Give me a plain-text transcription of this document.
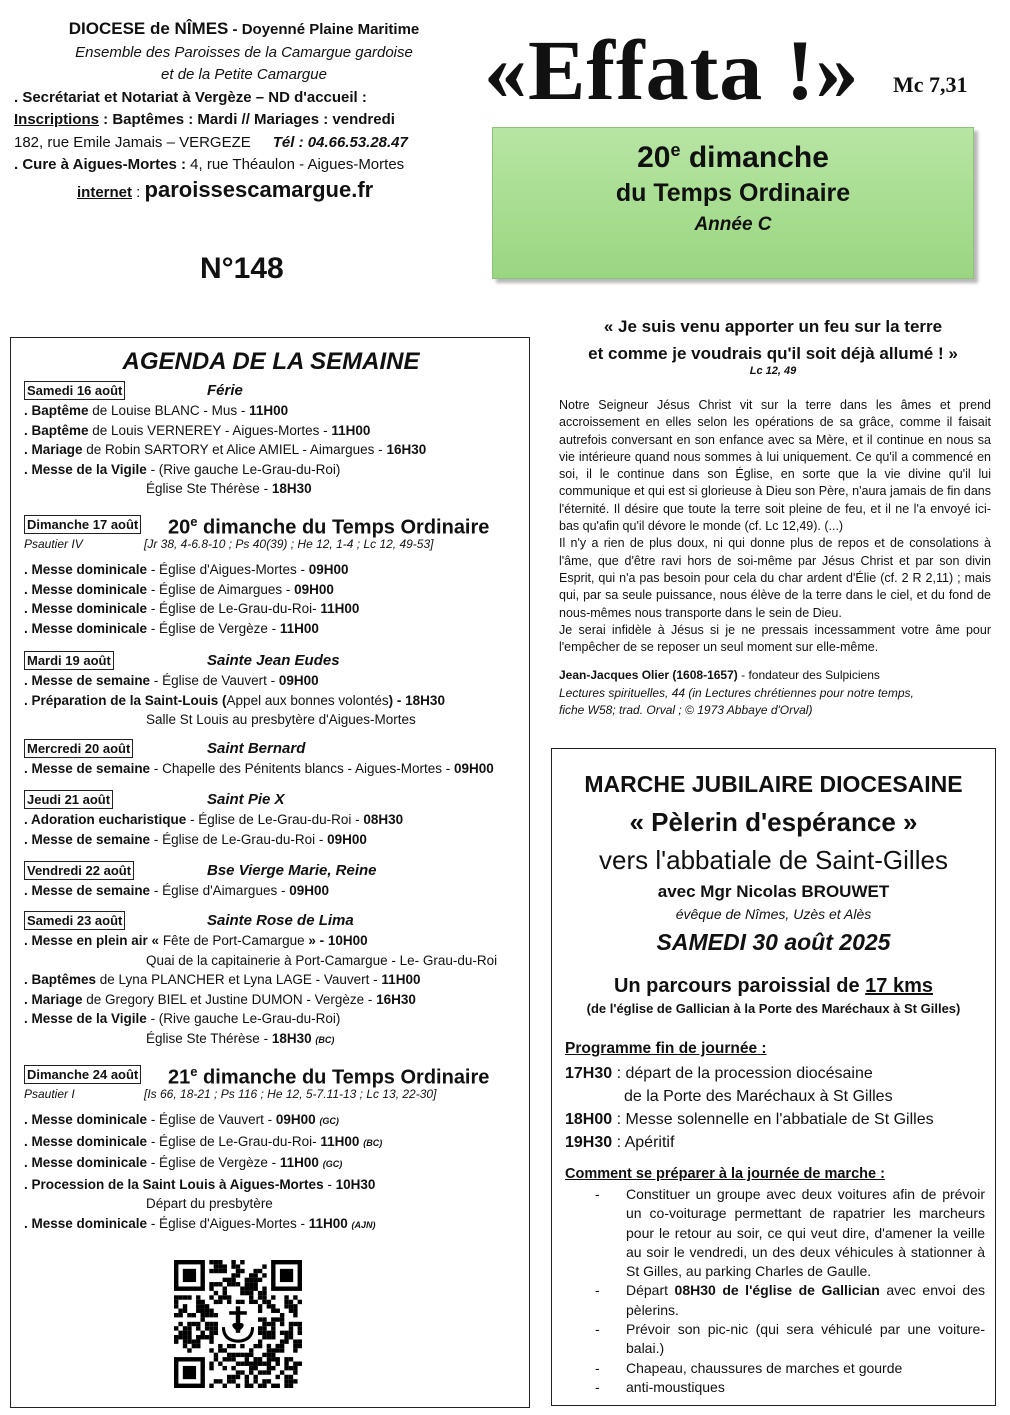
DIOCESE de NÎMES - Doyenné Plaine Maritime
Ensemble des Paroisses de la Camargue gardoise
et de la Petite Camargue
. Secrétariat et Notariat à Vergèze – ND d'accueil :
Inscriptions : Baptêmes : Mardi // Mariages : vendredi
182, rue Emile Jamais – VERGEZE Tél : 04.66.53.28.47
. Cure à Aigues-Mortes : 4, rue Théaulon - Aigues-Mortes
internet : paroissescamargue.fr
N°148
«Effata !» Mc 7,31
20e dimanche
du Temps Ordinaire
Année C
AGENDA DE LA SEMAINE
Samedi 16 août	Férie
. Baptême de Louise BLANC - Mus - 11H00
. Baptême de Louis VERNEREY - Aigues-Mortes - 11H00
. Mariage de Robin SARTORY et Alice AMIEL - Aimargues - 16H30
. Messe de la Vigile - (Rive gauche Le-Grau-du-Roi)
Église Ste Thérèse - 18H30
Dimanche 17 août 20e dimanche du Temps Ordinaire
Psautier IV	[Jr 38, 4-6.8-10 ; Ps 40(39) ; He 12, 1-4 ; Lc 12, 49-53]
. Messe dominicale - Église d'Aigues-Mortes - 09H00
. Messe dominicale - Église de Aimargues - 09H00
. Messe dominicale - Église de Le-Grau-du-Roi- 11H00
. Messe dominicale - Église de Vergèze - 11H00
Mardi 19 août	Sainte Jean Eudes
. Messe de semaine - Église de Vauvert - 09H00
. Préparation de la Saint-Louis (Appel aux bonnes volontés) - 18H30
Salle St Louis au presbytère d'Aigues-Mortes
Mercredi 20 août	Saint Bernard
. Messe de semaine - Chapelle des Pénitents blancs - Aigues-Mortes - 09H00
Jeudi 21 août	Saint Pie X
. Adoration eucharistique - Église de Le-Grau-du-Roi - 08H30
. Messe de semaine - Église de Le-Grau-du-Roi - 09H00
Vendredi 22 août	Bse Vierge Marie, Reine
. Messe de semaine - Église d'Aimargues - 09H00
Samedi 23 août	Sainte Rose de Lima
. Messe en plein air « Fête de Port-Camargue » - 10H00
Quai de la capitainerie à Port-Camargue - Le- Grau-du-Roi
. Baptêmes de Lyna PLANCHER et Lyna LAGE - Vauvert - 11H00
. Mariage de Gregory BIEL et Justine DUMON - Vergèze - 16H30
. Messe de la Vigile - (Rive gauche Le-Grau-du-Roi)
Église Ste Thérèse - 18H30 (BC)
Dimanche 24 août 21e dimanche du Temps Ordinaire
Psautier I	[Is 66, 18-21 ; Ps 116 ; He 12, 5-7.11-13 ; Lc 13, 22-30]
. Messe dominicale - Église de Vauvert - 09H00 (GC)
. Messe dominicale - Église de Le-Grau-du-Roi- 11H00 (BC)
. Messe dominicale - Église de Vergèze - 11H00 (GC)
. Procession de la Saint Louis à Aigues-Mortes - 10H30
Départ du presbytère
. Messe dominicale - Église d'Aigues-Mortes - 11H00 (AJN)
« Je suis venu apporter un feu sur la terre
et comme je voudrais qu'il soit déjà allumé ! »
Lc 12, 49
Notre Seigneur Jésus Christ vit sur la terre dans les âmes et prend accroissement en elles selon les opérations de sa grâce, comme il faisait autrefois conversant en son enfance avec sa Mère, et il continue en nous sa vie intérieure quand nous sommes à lui uniquement. Ce qu'il a commencé en soi, il le continue dans son Église, en sorte que la vie divine qu'il lui communique et qui est si glorieuse à Dieu son Père, n'aura jamais de fin dans l'éternité. Il désire que toute la terre soit pleine de feu, et il ne l'a envoyé ici-bas qu'afin qu'il dévore le monde (cf. Lc 12,49). (...)
Il n'y a rien de plus doux, ni qui donne plus de repos et de consolations à l'âme, que d'être ravi hors de soi-même par Jésus Christ et par son divin Esprit, qui n'a pas besoin pour cela du char ardent d'Élie (cf. 2 R 2,11) ; mais qui, par sa seule puissance, nous élève de la terre dans le ciel, et du fond de nous-mêmes nous transporte dans le sein de Dieu.
Je serai infidèle à Jésus si je ne pressais incessamment votre âme pour l'empêcher de se reposer un seul moment sur elle-même.
Jean-Jacques Olier (1608-1657) - fondateur des Sulpiciens
Lectures spirituelles, 44 (in Lectures chrétiennes pour notre temps,
fiche W58; trad. Orval ; © 1973 Abbaye d'Orval)
MARCHE JUBILAIRE DIOCESAINE
« Pèlerin d'espérance »
vers l'abbatiale de Saint-Gilles
avec Mgr Nicolas BROUWET
évêque de Nîmes, Uzès et Alès
SAMEDI 30 août 2025
Un parcours paroissial de 17 kms
(de l'église de Gallician à la Porte des Maréchaux à St Gilles)
Programme fin de journée :
17H30 : départ de la procession diocésaine
de la Porte des Maréchaux à St Gilles
18H00 : Messe solennelle en l'abbatiale de St Gilles
19H30 : Apéritif
Comment se préparer à la journée de marche :
- Constituer un groupe avec deux voitures afin de prévoir un co-voiturage permettant de rapatrier les marcheurs pour le retour au soir, ce qui veut dire, d'amener la veille au soir le vendredi, un des deux véhicules à stationner à St Gilles, au parking Charles de Gaulle.
- Départ 08H30 de l'église de Gallician avec envoi des pèlerins.
- Prévoir son pic-nic (qui sera véhiculé par une voiture-balai.)
- Chapeau, chaussures de marches et gourde
- anti-moustiques
